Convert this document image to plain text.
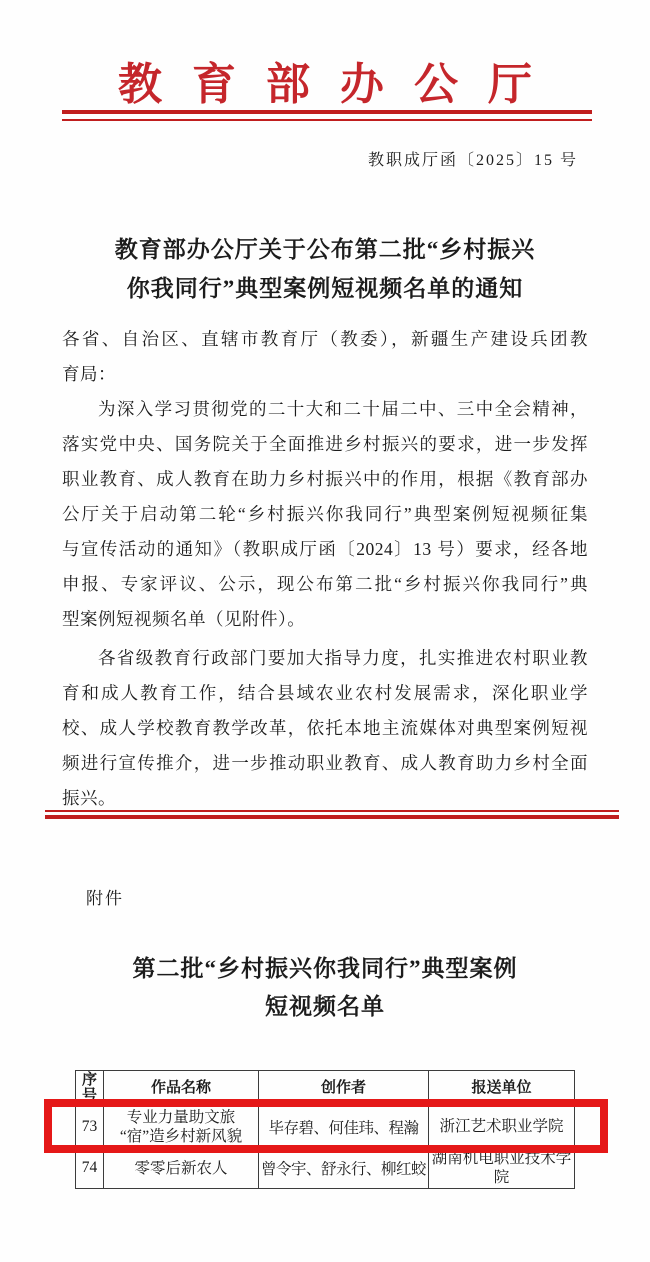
教育部办公厅
教职成厅函〔2025〕15 号
教育部办公厅关于公布第二批“乡村振兴
你我同行”典型案例短视频名单的通知
各省、自治区、直辖市教育厅（教委），新疆生产建设兵团教
育局：
为深入学习贯彻党的二十大和二十届二中、三中全会精神，
落实党中央、国务院关于全面推进乡村振兴的要求，进一步发挥
职业教育、成人教育在助力乡村振兴中的作用，根据《教育部办
公厅关于启动第二轮“乡村振兴你我同行”典型案例短视频征集
与宣传活动的通知》（教职成厅函〔2024〕13 号）要求，经各地
申报、专家评议、公示，现公布第二批“乡村振兴你我同行”典
型案例短视频名单（见附件）。
各省级教育行政部门要加大指导力度，扎实推进农村职业教
育和成人教育工作，结合县域农业农村发展需求，深化职业学
校、成人学校教育教学改革，依托本地主流媒体对典型案例短视
频进行宣传推介，进一步推动职业教育、成人教育助力乡村全面
振兴。
附件
第二批“乡村振兴你我同行”典型案例
短视频名单
序号	作品名称	创作者	报送单位
73	专业力量助文旅
“宿”造乡村新风貌	毕存碧、何佳玮、程瀚	浙江艺术职业学院
74	零零后新农人	曾令宇、舒永行、柳红蛟	湖南机电职业技术学院
